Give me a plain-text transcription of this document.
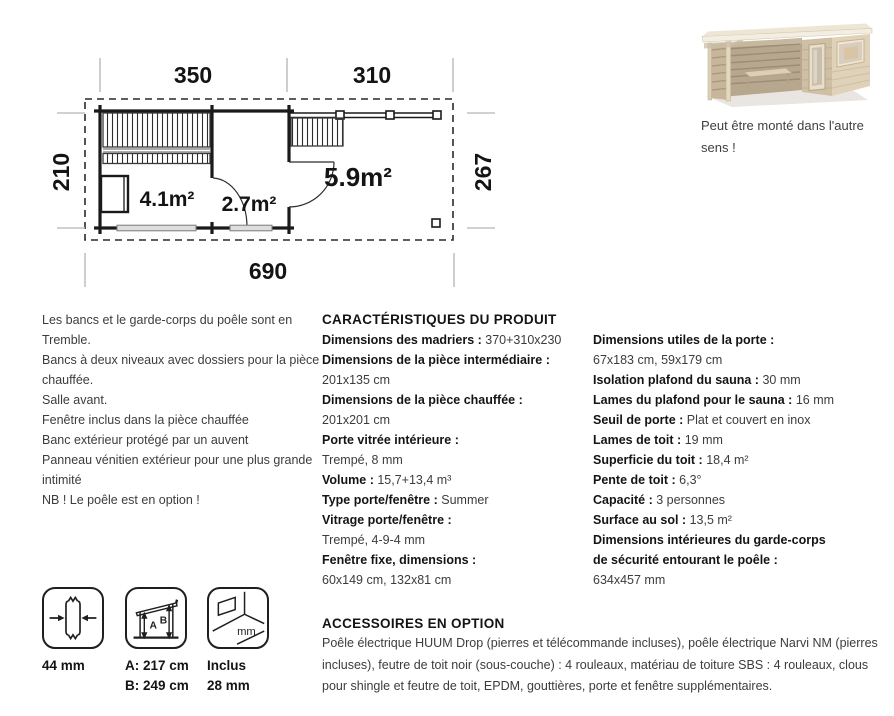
350	310
690
210	267
4.1m² 2.7m²
5.9m²
Peut être monté dans l'autre sens !
Les bancs et le garde-corps du poêle sont en
Tremble.
Bancs à deux niveaux avec dossiers pour la pièce
chauffée.
Salle avant.
Fenêtre inclus dans la pièce chauffée
Banc extérieur protégé par un auvent
Panneau vénitien extérieur pour une plus grande
intimité
NB ! Le poêle est en option !
CARACTÉRISTIQUES DU PRODUIT
Dimensions des madriers : 370+310x230
Dimensions de la pièce intermédiaire :
201x135 cm
Dimensions de la pièce chauffée :
201x201 cm
Porte vitrée intérieure :
Trempé, 8 mm
Volume : 15,7+13,4 m³
Type porte/fenêtre : Summer
Vitrage porte/fenêtre :
Trempé, 4-9-4 mm
Fenêtre fixe, dimensions :
60x149 cm, 132x81 cm
Dimensions utiles de la porte :
67x183 cm, 59x179 cm
Isolation plafond du sauna : 30 mm
Lames du plafond pour le sauna : 16 mm
Seuil de porte : Plat et couvert en inox
Lames de toit : 19 mm
Superficie du toit : 18,4 m²
Pente de toit : 6,3°
Capacité : 3 personnes
Surface au sol : 13,5 m²
Dimensions intérieures du garde-corps
de sécurité entourant le poêle :
634x457 mm
A B
mm
44 mm	A: 217 cm
B: 249 cm
Inclus
28 mm
ACCESSOIRES EN OPTION
Poêle électrique HUUM Drop (pierres et télécommande incluses), poêle électrique Narvi NM (pierres incluses), feutre de toit noir (sous-couche) : 4 rouleaux, matériau de toiture SBS : 4 rouleaux, clous pour shingle et feutre de toit, EPDM, gouttières, porte et fenêtre supplémentaires.
